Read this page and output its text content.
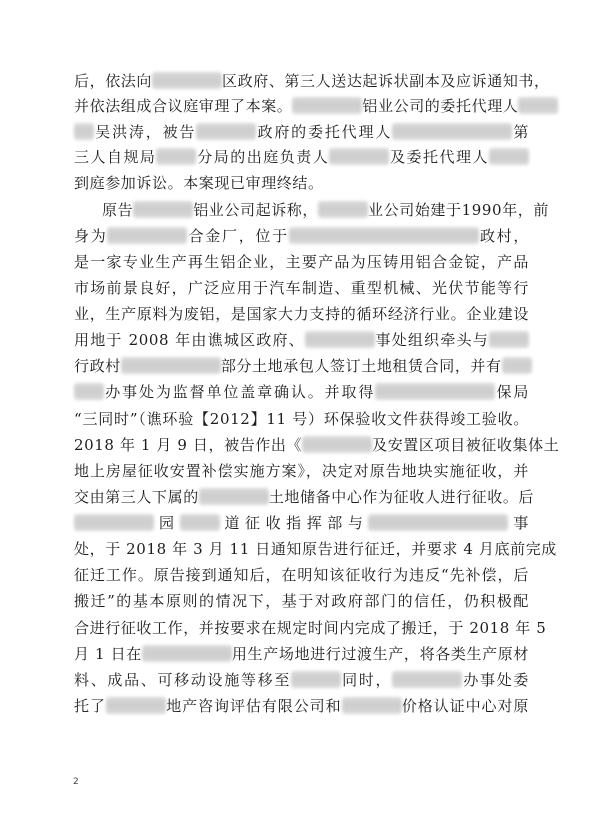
后，依法向	区政府、第三人送达起诉状副本及应诉通知书，
并依法组成合议庭审理了本案。	铝业公司的委托代理人
吴洪涛，被告	政府的委托代理人	第
三人自规局	分局的出庭负责人	及委托代理人
到庭参加诉讼。本案现已审理终结。
原告	铝业公司起诉称，	业公司始建于1990年，前
身为	合金厂，位于	政村，
是一家专业生产再生铝企业，主要产品为压铸用铝合金锭，产品
市场前景良好，广泛应用于汽车制造、重型机械、光伏节能等行
业，生产原料为废铝，是国家大力支持的循环经济行业。企业建设
用地于 2008 年由谯城区政府、	事处组织牵头与
行政村	部分土地承包人签订土地租赁合同，并有
办事处为监督单位盖章确认。并取得	保局
“三同时”（谯环验【2012】11 号）环保验收文件获得竣工验收。
2018 年 1 月 9 日，被告作出《	及安置区项目被征收集体土
地上房屋征收安置补偿实施方案》，决定对原告地块实施征收，并
交由第三人下属的	土地储备中心作为征收人进行征收。后
园	道征收指挥部与	事
处，于 2018 年 3 月 11 日通知原告进行征迁，并要求 4 月底前完成
征迁工作。原告接到通知后，在明知该征收行为违反“先补偿，后
搬迁”的基本原则的情况下，基于对政府部门的信任，仍积极配
合进行征收工作，并按要求在规定时间内完成了搬迁，于 2018 年 5
月 1 日在	用生产场地进行过渡生产，将各类生产原材
料、成品、可移动设施等移至	同时，	办事处委
托了	地产咨询评估有限公司和	价格认证中心对原
2
